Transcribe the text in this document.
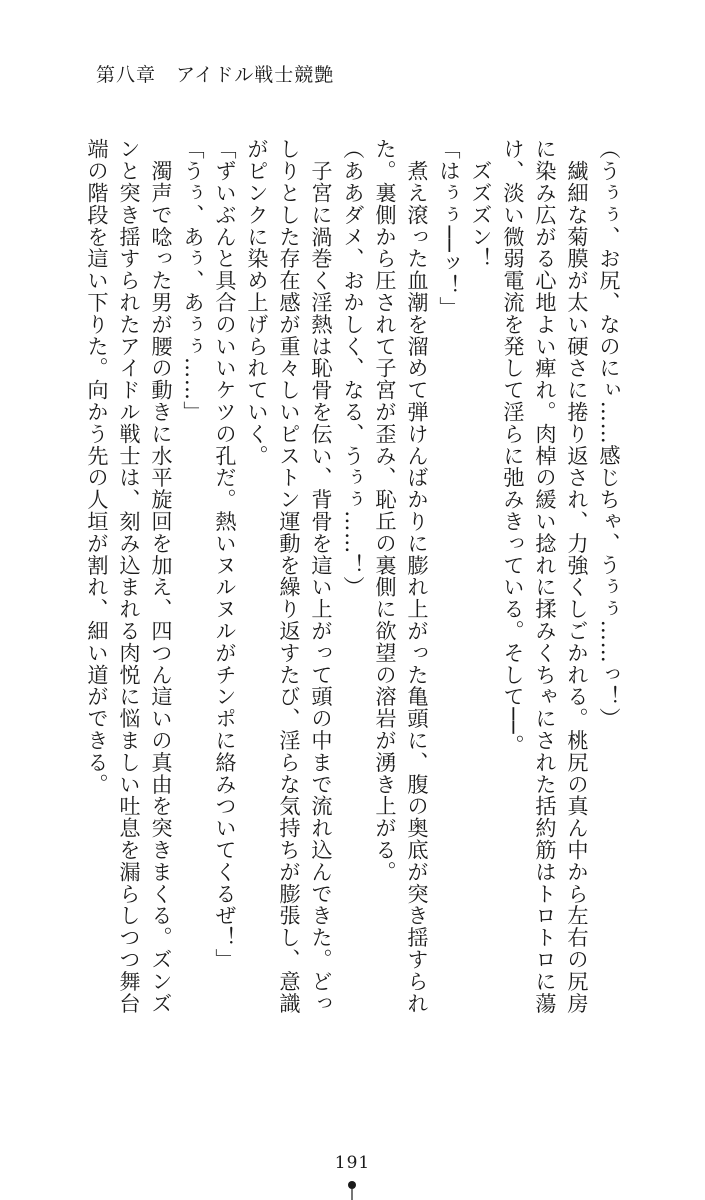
第八章　アイドル戦士競艶
（うぅぅ、お尻、なのにぃ……感じちゃ、うぅぅ……っ！）
　繊細な菊膜が太い硬さに捲り返され、力強くしごかれる。桃尻の真ん中から左右の尻房
に染み広がる心地よい痺れ。肉棹の緩い捻れに揉みくちゃにされた括約筋はトロトロに蕩
け、淡い微弱電流を発して淫らに弛みきっている。そして──。
　ズズズン！
「はぅぅ──ッ！」
　煮え滾った血潮を溜めて弾けんばかりに膨れ上がった亀頭に、腹の奥底が突き揺すられ
た。裏側から圧されて子宮が歪み、恥丘の裏側に欲望の溶岩が湧き上がる。
（ああダメ、おかしく、なる、うぅぅ……！）
　子宮に渦巻く淫熱は恥骨を伝い、背骨を這い上がって頭の中まで流れ込んできた。どっ
しりとした存在感が重々しいピストン運動を繰り返すたび、淫らな気持ちが膨張し、意識
がピンクに染め上げられていく。
「ずいぶんと具合のいいケツの孔だ。熱いヌルヌルがチンポに絡みついてくるぜ！」
「うぅ、あぅ、あぅぅ……」
　濁声で唸った男が腰の動きに水平旋回を加え、四つん這いの真由を突きまくる。ズンズ
ンと突き揺すられたアイドル戦士は、刻み込まれる肉悦に悩ましい吐息を漏らしつつ舞台
端の階段を這い下りた。向かう先の人垣が割れ、細い道ができる。
191
